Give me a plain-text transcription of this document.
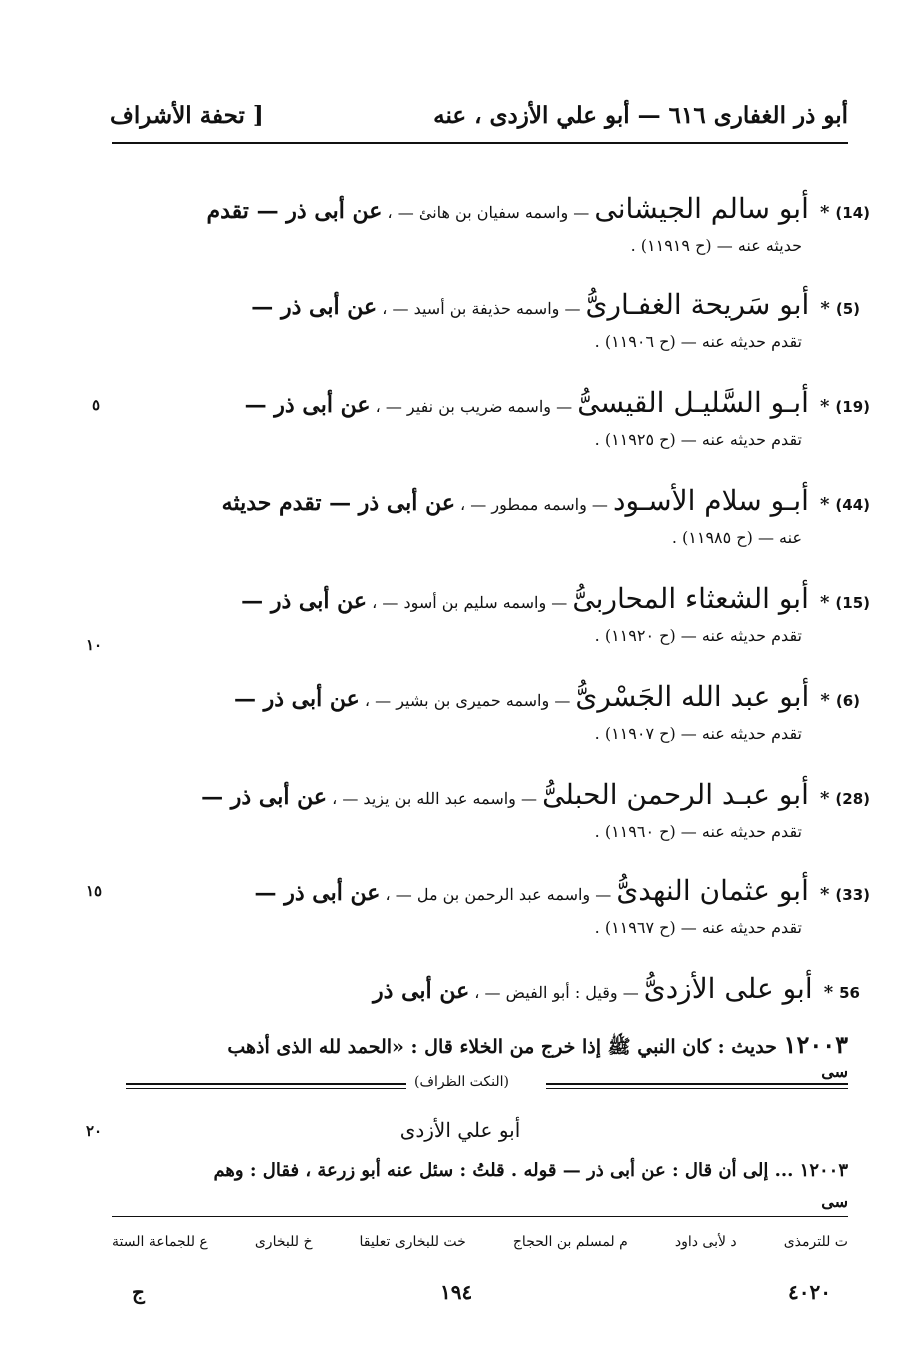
أبو ذر الغفارى ٦١٦ — أبو علي الأزدى ، عنه
[ تحفة الأشراف
(14)* أبو سالم الجيشانى — واسمه سفيان بن هانئ — ، عن أبى ذر — تقدم
حديثه عنه — (ح ١١٩١٩) .
(5)* أبو سَريحة الغفـارىُّ — واسمه حذيفة بن أسيد — ، عن أبى ذر —
تقدم حديثه عنه — (ح ١١٩٠٦) .
(19)* أبـو السَّليـل القيسىُّ — واسمه ضريب بن نفير — ، عن أبى ذر —
تقدم حديثه عنه — (ح ١١٩٢٥) .
(44)* أبـو سلام الأسـود — واسمه ممطور — ، عن أبى ذر — تقدم حديثه
عنه — (ح ١١٩٨٥) .
(15)* أبو الشعثاء المحاربىُّ — واسمه سليم بن أسود — ، عن أبى ذر —
تقدم حديثه عنه — (ح ١١٩٢٠) .
(6)* أبو عبد الله الجَسْرىُّ — واسمه حميرى بن بشير — ، عن أبى ذر —
تقدم حديثه عنه — (ح ١١٩٠٧) .
(28)* أبو عبـد الرحمن الحبلىُّ — واسمه عبد الله بن يزيد — ، عن أبى ذر —
تقدم حديثه عنه — (ح ١١٩٦٠) .
(33)* أبو عثمان النهدىُّ — واسمه عبد الرحمن بن مل — ، عن أبى ذر —
تقدم حديثه عنه — (ح ١١٩٦٧) .
56* أبو على الأزدىُّ — وقيل : أبو الفيض — ، عن أبى ذر
٥
١٠
١٥
٢٠
١٢٠٠٣ حديث : كان النبي ﷺ إذا خرج من الخلاء قال : «الحمد لله الذى أذهب
سى
(النكت الظراف)
أبو علي الأزدى
١٢٠٠٣ ... إلى أن قال : عن أبى ذر — قوله . قلتُ : سئل عنه أبو زرعة ، فقال : وهم
سى
ع للجماعة الستة	خ للبخارى	خت للبخارى تعليقا	م لمسلم بن الحجاج	د لأبى داود	ت للترمذى
ج	١٩٤	٤٠٢٠
